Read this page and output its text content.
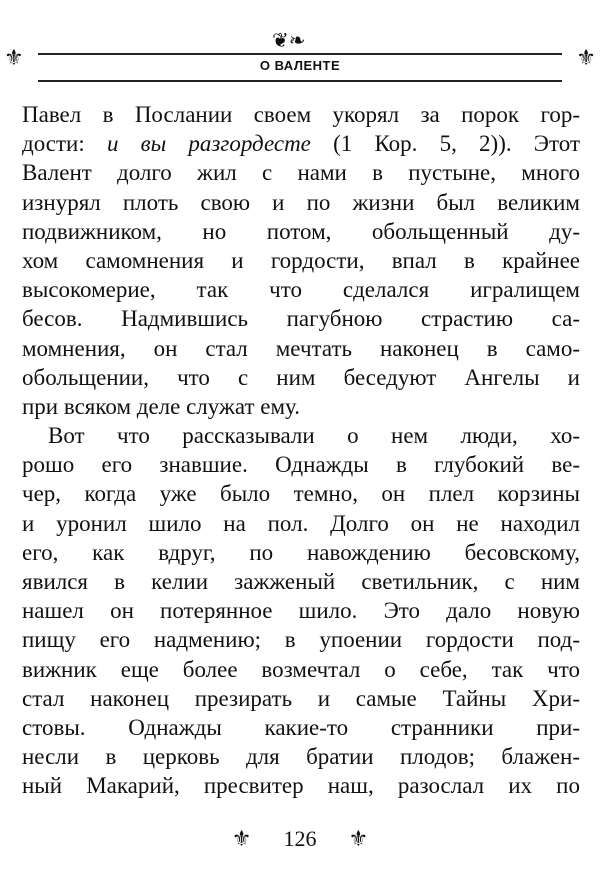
⚜
❦❧
⚜
О ВАЛЕНТЕ
Павел в Послании своем укорял за порок гор-
дости: и вы разгордесте (1 Кор. 5, 2)). Этот
Валент долго жил с нами в пустыне, много
изнурял плоть свою и по жизни был великим
подвижником, но потом, обольщенный ду-
хом самомнения и гордости, впал в крайнее
высокомерие, так что сделался игралищем
бесов. Надмившись пагубною страстию са-
момнения, он стал мечтать наконец в само-
обольщении, что с ним беседуют Ангелы и
при всяком деле служат ему.
Вот что рассказывали о нем люди, хо-
рошо его знавшие. Однажды в глубокий ве-
чер, когда уже было темно, он плел корзины
и уронил шило на пол. Долго он не находил
его, как вдруг, по навождению бесовскому,
явился в келии зажженый светильник, с ним
нашел он потерянное шило. Это дало новую
пищу его надмению; в упоении гордости под-
вижник еще более возмечтал о себе, так что
стал наконец презирать и самые Тайны Хри-
стовы. Однажды какие-то странники при-
несли в церковь для братии плодов; блажен-
ный Макарий, пресвитер наш, разослал их по
⚜ 126 ⚜
